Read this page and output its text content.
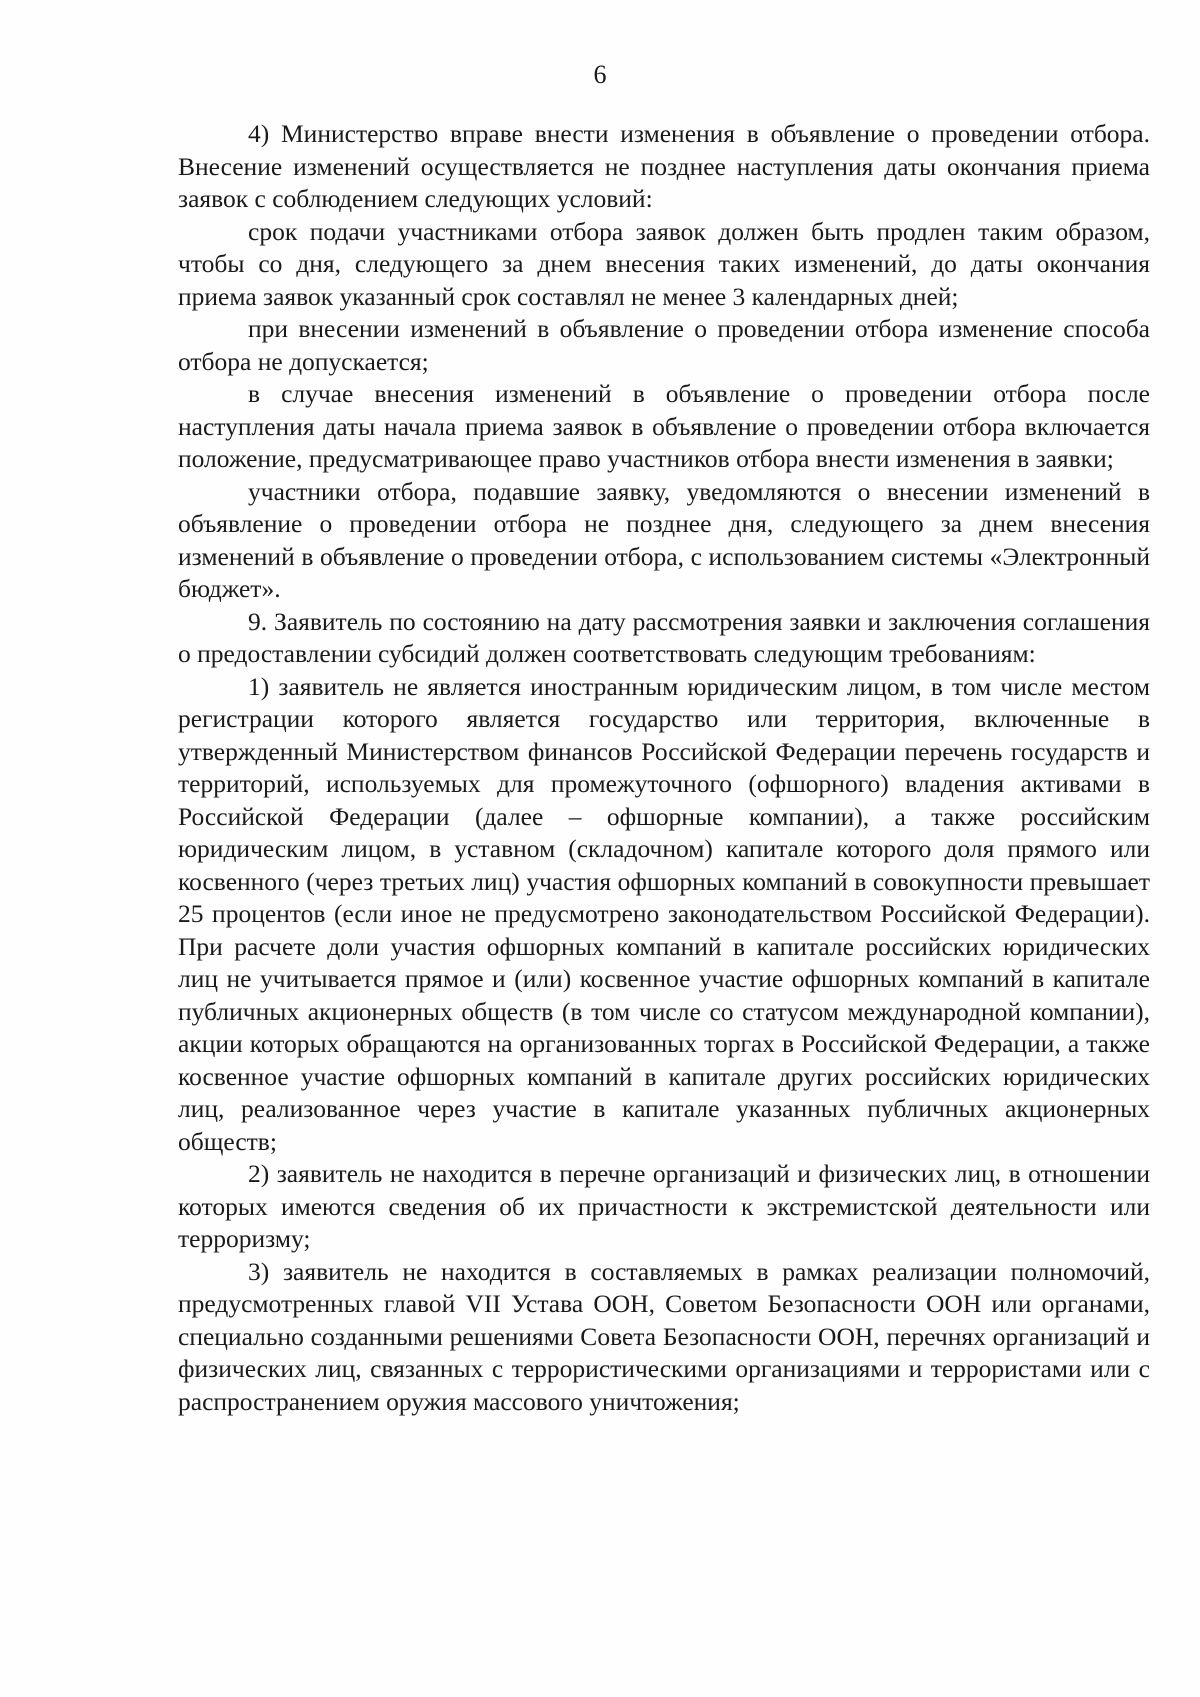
6

4) Министерство вправе внести изменения в объявление о проведении отбора. Внесение изменений осуществляется не позднее наступления даты окончания приема заявок с соблюдением следующих условий:

срок подачи участниками отбора заявок должен быть продлен таким образом, чтобы со дня, следующего за днем внесения таких изменений, до даты окончания приема заявок указанный срок составлял не менее 3 календарных дней;

при внесении изменений в объявление о проведении отбора изменение способа отбора не допускается;

в случае внесения изменений в объявление о проведении отбора после наступления даты начала приема заявок в объявление о проведении отбора включается положение, предусматривающее право участников отбора внести изменения в заявки;

участники отбора, подавшие заявку, уведомляются о внесении изменений в объявление о проведении отбора не позднее дня, следующего за днем внесения изменений в объявление о проведении отбора, с использованием системы «Электронный бюджет».

9. Заявитель по состоянию на дату рассмотрения заявки и заключения соглашения о предоставлении субсидий должен соответствовать следующим требованиям:

1) заявитель не является иностранным юридическим лицом, в том числе местом регистрации которого является государство или территория, включенные в утвержденный Министерством финансов Российской Федерации перечень государств и территорий, используемых для промежуточного (офшорного) владения активами в Российской Федерации (далее – офшорные компании), а также российским юридическим лицом, в уставном (складочном) капитале которого доля прямого или косвенного (через третьих лиц) участия офшорных компаний в совокупности превышает 25 процентов (если иное не предусмотрено законодательством Российской Федерации). При расчете доли участия офшорных компаний в капитале российских юридических лиц не учитывается прямое и (или) косвенное участие офшорных компаний в капитале публичных акционерных обществ (в том числе со статусом международной компании), акции которых обращаются на организованных торгах в Российской Федерации, а также косвенное участие офшорных компаний в капитале других российских юридических лиц, реализованное через участие в капитале указанных публичных акционерных обществ;

2) заявитель не находится в перечне организаций и физических лиц, в отношении которых имеются сведения об их причастности к экстремистской деятельности или терроризму;

3) заявитель не находится в составляемых в рамках реализации полномочий, предусмотренных главой VII Устава ООН, Советом Безопасности ООН или органами, специально созданными решениями Совета Безопасности ООН, перечнях организаций и физических лиц, связанных с террористическими организациями и террористами или с распространением оружия массового уничтожения;
